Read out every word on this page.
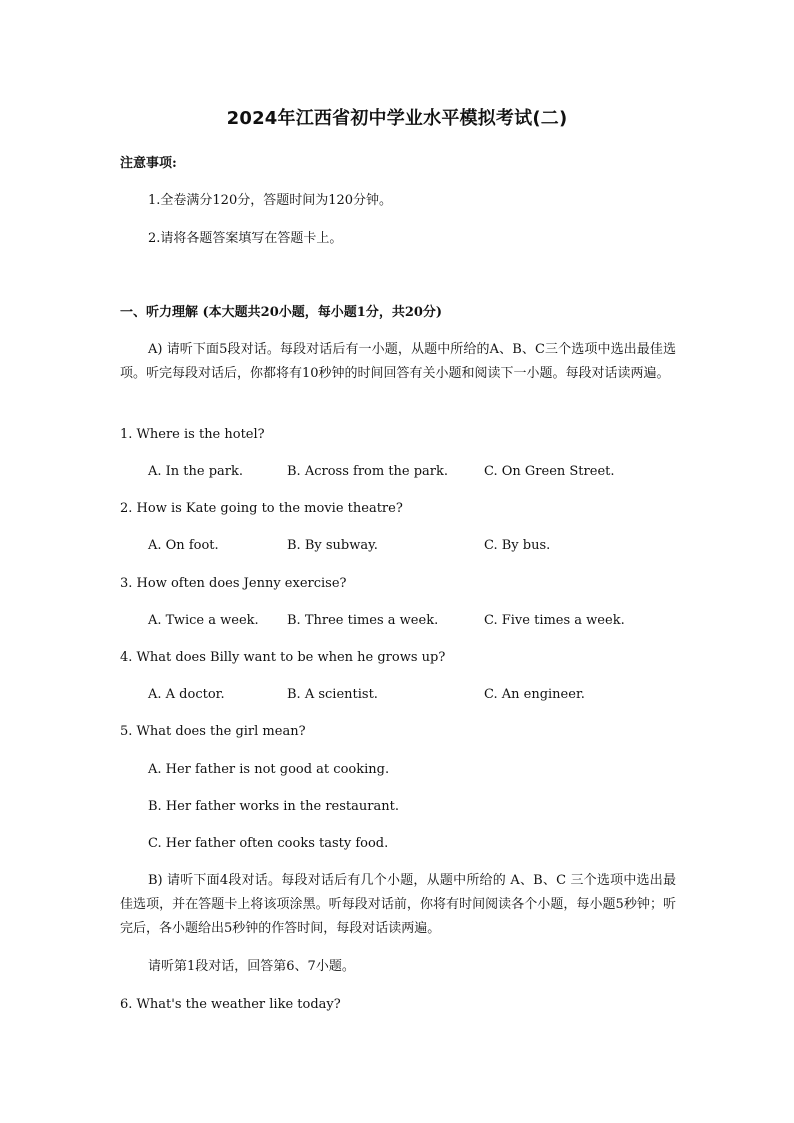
2024年江西省初中学业水平模拟考试(二)
注意事项:
1.全卷满分120分，答题时间为120分钟。
2.请将各题答案填写在答题卡上。
一、听力理解 (本大题共20小题，每小题1分，共20分)
A) 请听下面5段对话。每段对话后有一小题，从题中所给的A、B、C三个选项中选出最佳选项。听完每段对话后，你都将有10秒钟的时间回答有关小题和阅读下一小题。每段对话读两遍。
1. Where is the hotel?
A. In the park.	B. Across from the park.	C. On Green Street.
2. How is Kate going to the movie theatre?
A. On foot.	B. By subway.	C. By bus.
3. How often does Jenny exercise?
A. Twice a week. B. Three times a week.	C. Five times a week.
4. What does Billy want to be when he grows up?
A. A doctor.	B. A scientist.	C. An engineer.
5. What does the girl mean?
A. Her father is not good at cooking.
B. Her father works in the restaurant.
C. Her father often cooks tasty food.
B) 请听下面4段对话。每段对话后有几个小题，从题中所给的 A、B、C 三个选项中选出最佳选项，并在答题卡上将该项涂黑。听每段对话前，你将有时间阅读各个小题，每小题5秒钟；听完后，各小题给出5秒钟的作答时间，每段对话读两遍。
请听第1段对话，回答第6、7小题。
6. What's the weather like today?
